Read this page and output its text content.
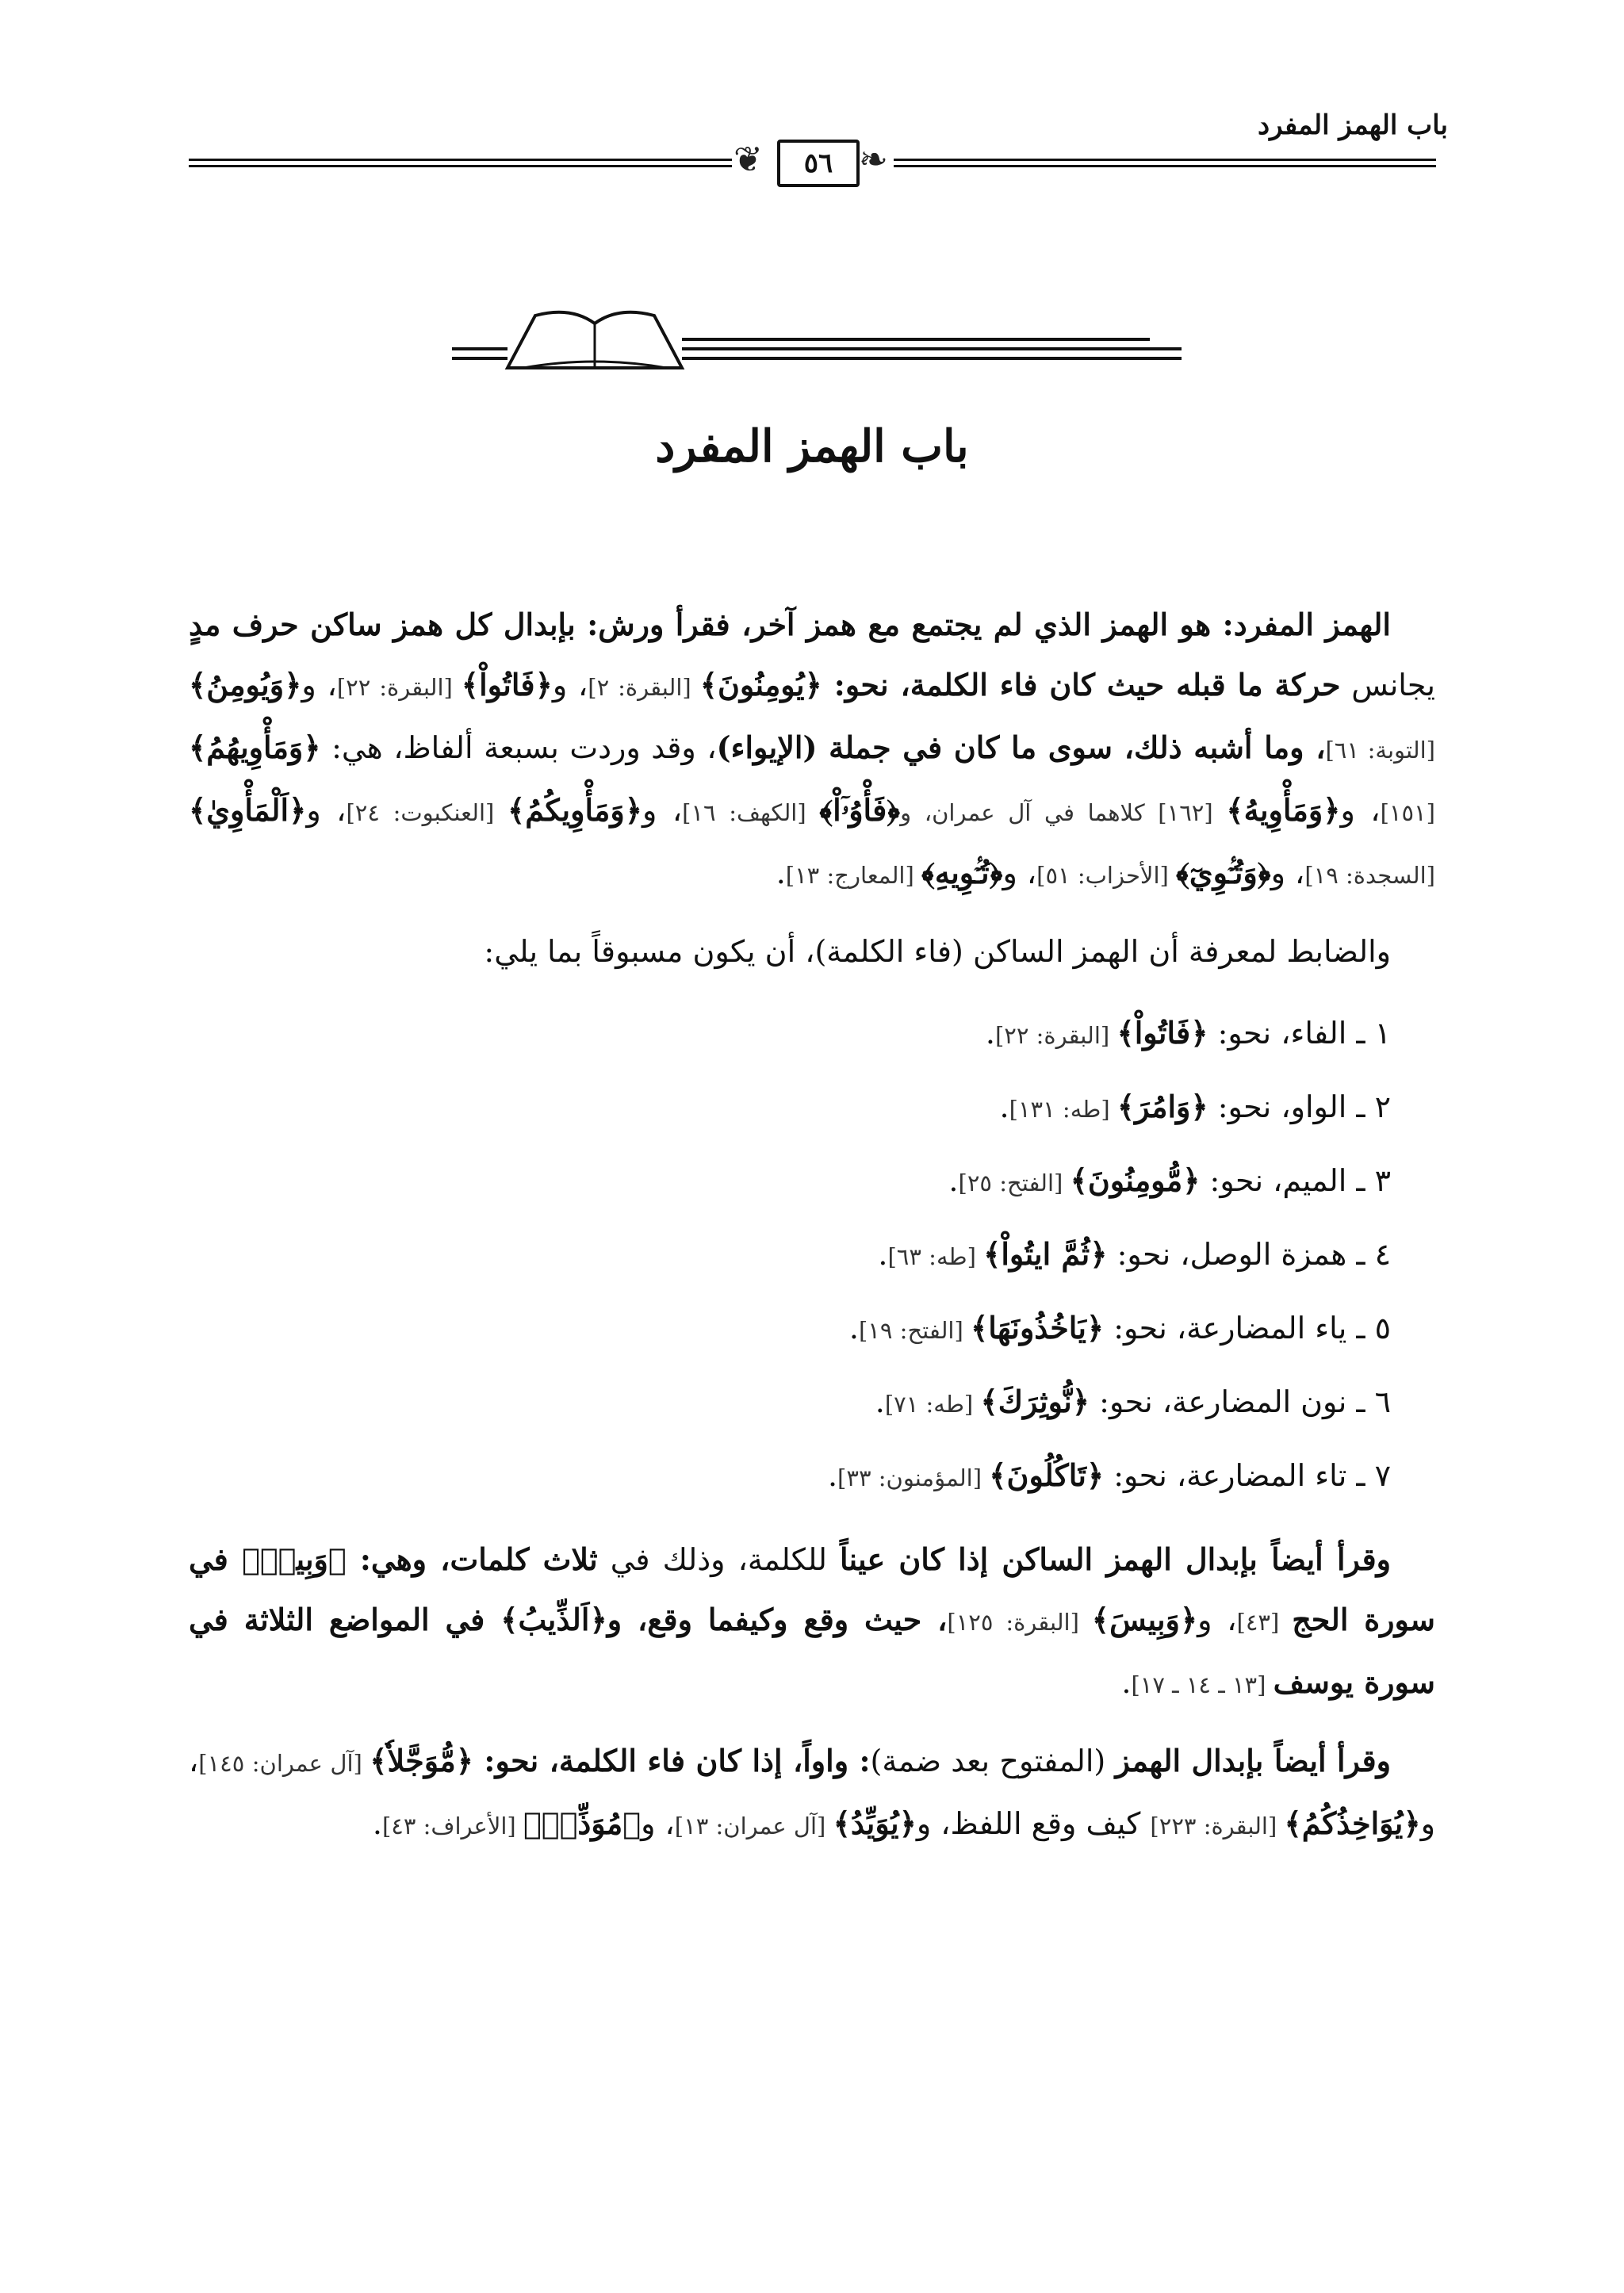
باب الهمز المفرد
❦	٥٦ ❧
باب الهمز المفرد

الهمز المفرد: هو الهمز الذي لم يجتمع مع همز آخر، فقرأ ورش: بإبدال كل همز ساكن حرف مدٍ يجانس حركة ما قبله حيث كان فاء الكلمة، نحو: ﴿يُومِنُونَ﴾ [البقرة: ٢]، و﴿فَاتُواْ﴾ [البقرة: ٢٢]، و﴿وَيُومِنُ﴾ [التوبة: ٦١]، وما أشبه ذلك، سوى ما كان في جملة (الإيواء)، وقد وردت بسبعة ألفاظ، هي: ﴿وَمَأْوِيهُمُ﴾ [١٥١]، و﴿وَمَأْوِيهُ﴾ [١٦٢] كلاهما في آل عمران، و﴿فَأْوُۥٓاْ﴾ [الكهف: ١٦]، و﴿وَمَأْوِيكُمُ﴾ [العنكبوت: ٢٤]، و﴿اَلْمَأْوِيٰ﴾ [السجدة: ١٩]، و﴿وَتُـٔۡوِيٓ﴾ [الأحزاب: ٥١]، و﴿تُـٔۡوِيهِ﴾ [المعارج: ١٣].

والضابط لمعرفة أن الهمز الساكن (فاء الكلمة)، أن يكون مسبوقاً بما يلي:

١ ـ الفاء، نحو: ﴿فَاتُواْ﴾ [البقرة: ٢٢].
٢ ـ الواو، نحو: ﴿وَامُرَ﴾ [طه: ١٣١].
٣ ـ الميم، نحو: ﴿مُّومِنُونَ﴾ [الفتح: ٢٥].
٤ ـ همزة الوصل، نحو: ﴿ثُمَّ ايتُواْ﴾ [طه: ٦٣].
٥ ـ ياء المضارعة، نحو: ﴿يَاخُذُونَهَا﴾ [الفتح: ١٩].
٦ ـ نون المضارعة، نحو: ﴿نُّوثِرَكَ﴾ [طه: ٧١].
٧ ـ تاء المضارعة، نحو: ﴿تَاكُلُونَ﴾ [المؤمنون: ٣٣].

وقرأ أيضاً بإبدال الهمز الساكن إذا كان عيناً للكلمة، وذلك في ثلاث كلمات، وهي: ﴿وَبِيرٖ﴾ في سورة الحج [٤٣]، و﴿وَبِيسَ﴾ [البقرة: ١٢٥]، حيث وقع وكيفما وقع، و﴿اَلذِّيبُ﴾ في المواضع الثلاثة في سورة يوسف [١٣ ـ ١٤ ـ ١٧].

وقرأ أيضاً بإبدال الهمز (المفتوح بعد ضمة): واواً، إذا كان فاء الكلمة، نحو: ﴿مُّوَجَّلاٗ﴾ [آل عمران: ١٤٥]، و﴿يُوَاخِذُكُمُ﴾ [البقرة: ٢٢٣] كيف وقع اللفظ، و﴿يُوَيِّدُ﴾ [آل عمران: ١٣]، و﴿مُوَذِّنٞ﴾ [الأعراف: ٤٣].
